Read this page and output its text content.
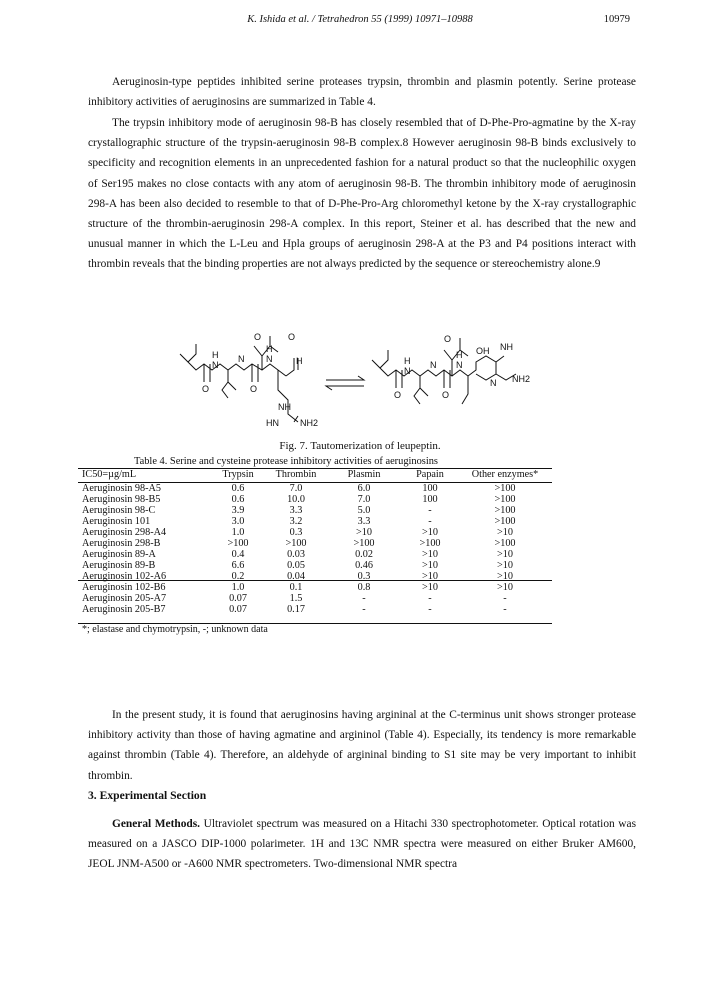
K. Ishida et al. / Tetrahedron 55 (1999) 10971–10988	10979

Aeruginosin-type peptides inhibited serine proteases trypsin, thrombin and plasmin potently. Serine protease inhibitory activities of aeruginosins are summarized in Table 4.

The trypsin inhibitory mode of aeruginosin 98-B has closely resembled that of D-Phe-Pro-agmatine by the X-ray crystallographic structure of the trypsin-aeruginosin 98-B complex.8 However aeruginosin 98-B binds exclusively to specificity and recognition elements in an unprecedented fashion for a natural product so that the nucleophilic oxygen of Ser195 makes no close contacts with any atom of aeruginosin 98-B. The thrombin inhibitory mode of aeruginosin 298-A has been also decided to resemble to that of D-Phe-Pro-Arg chloromethyl ketone by the X-ray crystallographic structure of the thrombin-aeruginosin 298-A complex. In this report, Steiner et al. has described that the new and unusual manner in which the L-Leu and Hpla groups of aeruginosin 298-A at the P3 and P4 positions interact with thrombin reveals that the binding properties are not always predicted by the sequence or stereochemistry alone.9

H
N
O
N
O
O
H
N
O
H
NH
HN NH2
H
N
O
N
O
O
H
N
OH NH
N NH2
Fig. 7. Tautomerization of leupeptin.
Table 4. Serine and cysteine protease inhibitory activities of aeruginosins
IC50=µg/mL	Trypsin	Thrombin	Plasmin	Papain	Other enzymes*
Aeruginosin 98-A5	0.6	7.0	6.0	100	>100
Aeruginosin 98-B5	0.6	10.0	7.0	100	>100
Aeruginosin 98-C	3.9	3.3	5.0	-	>100
Aeruginosin 101	3.0	3.2	3.3	-	>100
Aeruginosin 298-A4	1.0	0.3	>10	>10	>10
Aeruginosin 298-B	>100	>100	>100	>100	>100
Aeruginosin 89-A	0.4	0.03	0.02	>10	>10
Aeruginosin 89-B	6.6	0.05	0.46	>10	>10
Aeruginosin 102-A6	0.2	0.04	0.3	>10	>10
Aeruginosin 102-B6	1.0	0.1	0.8	>10	>10
Aeruginosin 205-A7	0.07	1.5	-	-	-
Aeruginosin 205-B7	0.07	0.17	-	-	-
*; elastase and chymotrypsin, -; unknown data

In the present study, it is found that aeruginosins having argininal at the C-terminus unit shows stronger protease inhibitory activity than those of having agmatine and argininol (Table 4). Especially, its tendency is more remarkable against thrombin (Table 4). Therefore, an aldehyde of argininal binding to S1 site may be very important to inhibit thrombin.

3. Experimental Section

General Methods. Ultraviolet spectrum was measured on a Hitachi 330 spectrophotometer. Optical rotation was measured on a JASCO DIP-1000 polarimeter. 1H and 13C NMR spectra were measured on either Bruker AM600, JEOL JNM-A500 or -A600 NMR spectrometers. Two-dimensional NMR spectra
